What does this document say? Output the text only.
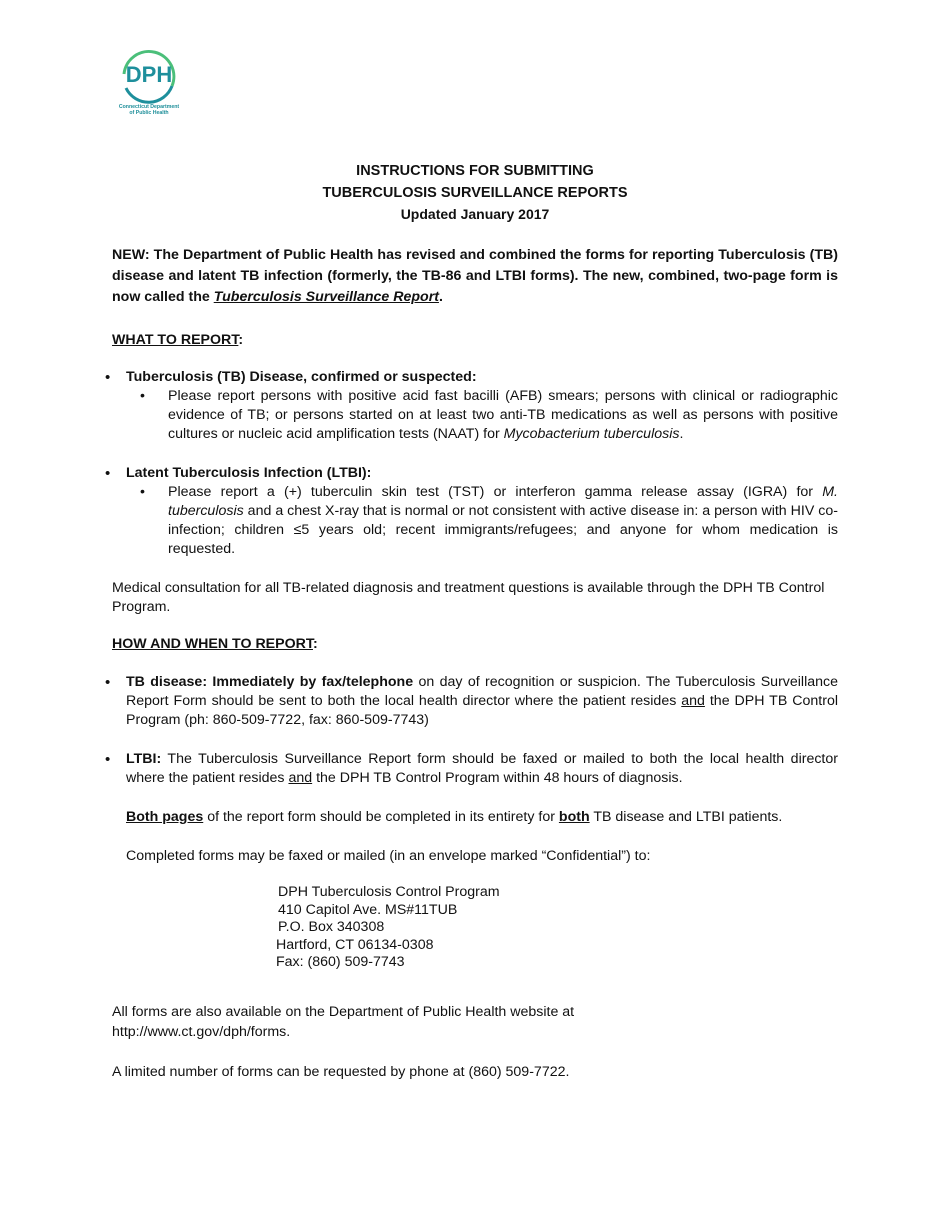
DPH
Connecticut Department
of Public Health
INSTRUCTIONS FOR SUBMITTING
TUBERCULOSIS SURVEILLANCE REPORTS
Updated January 2017
NEW: The Department of Public Health has revised and combined the forms for reporting Tuberculosis (TB) disease and latent TB infection (formerly, the TB-86 and LTBI forms). The new, combined, two-page form is now called the Tuberculosis Surveillance Report.
WHAT TO REPORT:
• Tuberculosis (TB) Disease, confirmed or suspected:
• Please report persons with positive acid fast bacilli (AFB) smears; persons with clinical or radiographic evidence of TB; or persons started on at least two anti-TB medications as well as persons with positive cultures or nucleic acid amplification tests (NAAT) for Mycobacterium tuberculosis.
• Latent Tuberculosis Infection (LTBI):
• Please report a (+) tuberculin skin test (TST) or interferon gamma release assay (IGRA) for M. tuberculosis and a chest X-ray that is normal or not consistent with active disease in: a person with HIV co-infection; children ≤5 years old; recent immigrants/refugees; and anyone for whom medication is requested.

Medical consultation for all TB-related diagnosis and treatment questions is available through the DPH TB Control Program.

HOW AND WHEN TO REPORT:
• TB disease: Immediately by fax/telephone on day of recognition or suspicion. The Tuberculosis Surveillance Report Form should be sent to both the local health director where the patient resides and the DPH TB Control Program (ph: 860-509-7722, fax: 860-509-7743)
• LTBI: The Tuberculosis Surveillance Report form should be faxed or mailed to both the local health director where the patient resides and the DPH TB Control Program within 48 hours of diagnosis.
Both pages of the report form should be completed in its entirety for both TB disease and LTBI patients.
Completed forms may be faxed or mailed (in an envelope marked “Confidential”) to:
DPH Tuberculosis Control Program
410 Capitol Ave. MS#11TUB
P.O. Box 340308
Hartford, CT 06134-0308
Fax: (860) 509-7743
All forms are also available on the Department of Public Health website at
http://www.ct.gov/dph/forms.
A limited number of forms can be requested by phone at (860) 509-7722.
